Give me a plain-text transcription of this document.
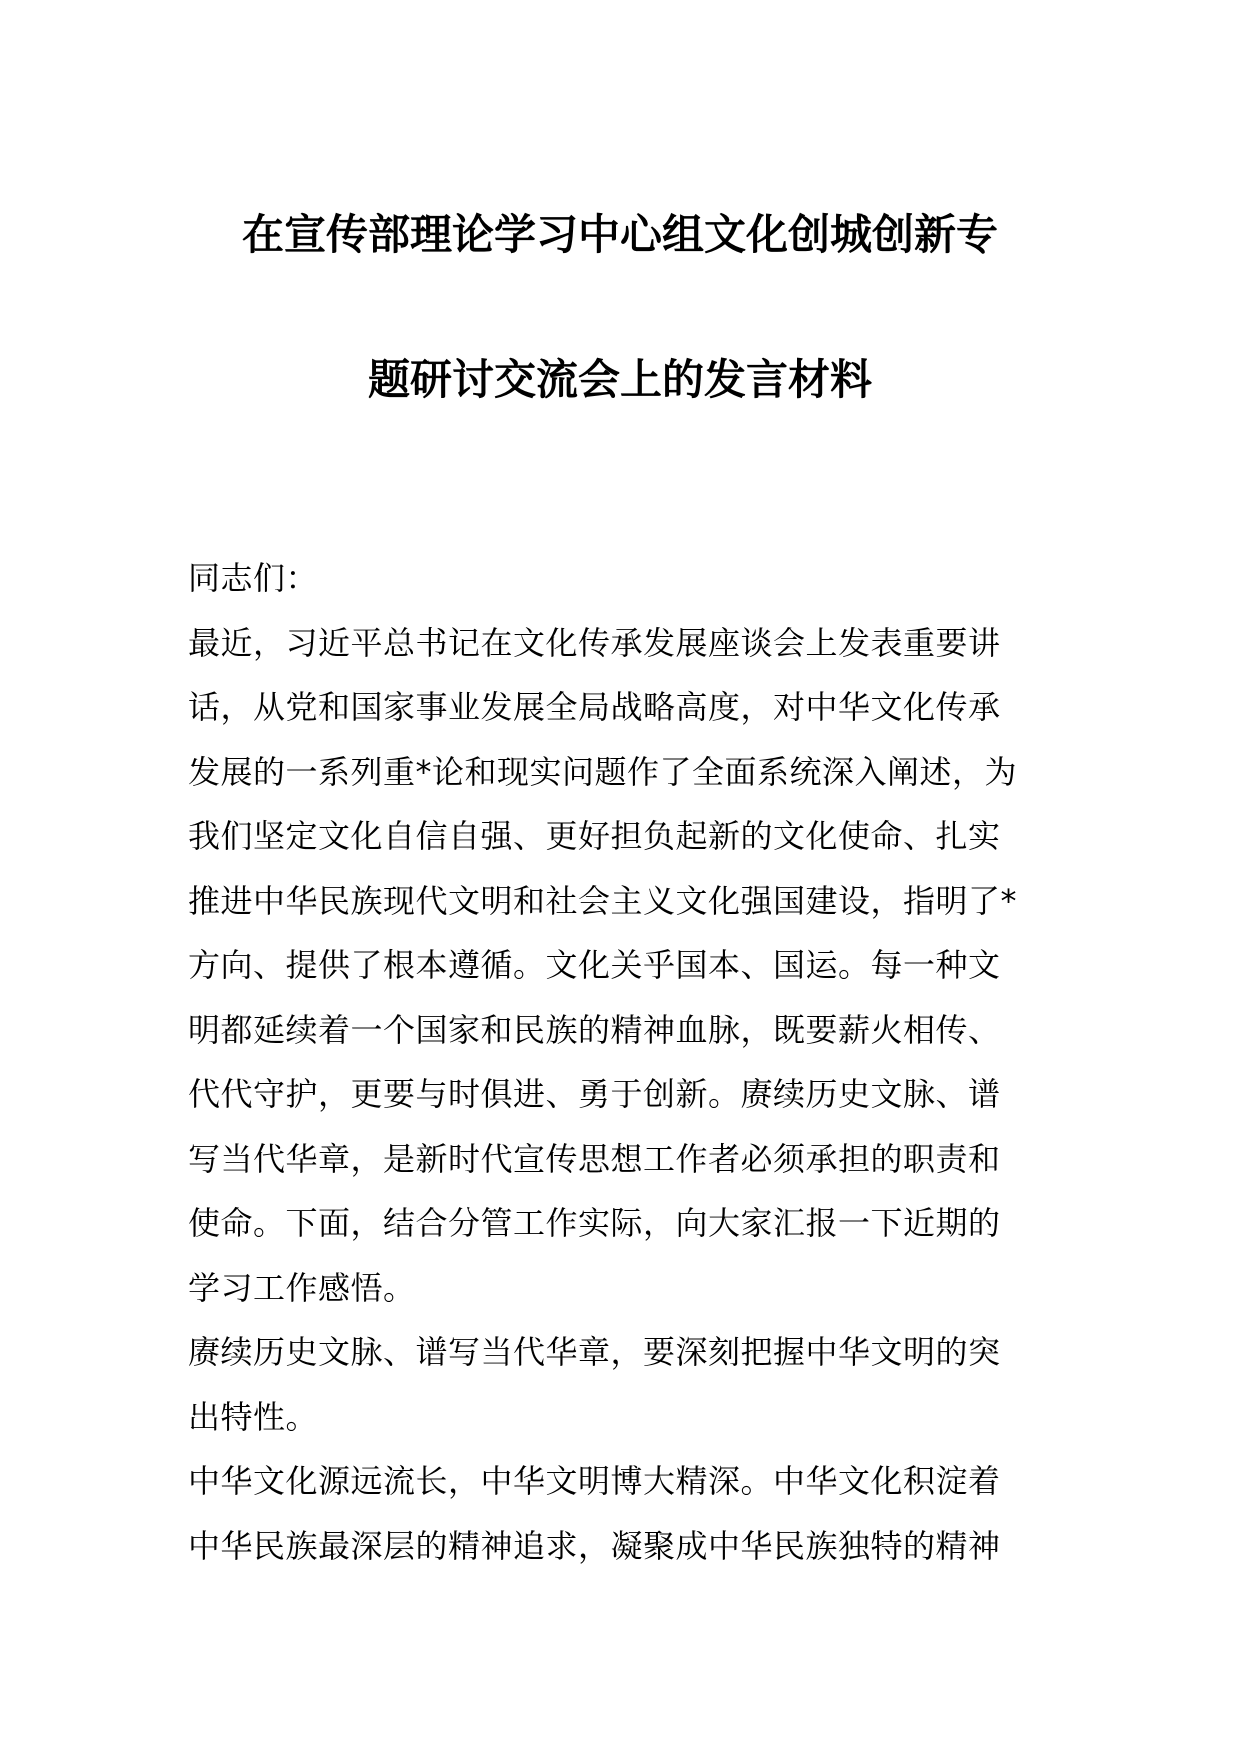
在宣传部理论学习中心组文化创城创新专
题研讨交流会上的发言材料
同志们：
最近，习近平总书记在文化传承发展座谈会上发表重要讲
话，从党和国家事业发展全局战略高度，对中华文化传承
发展的一系列重*论和现实问题作了全面系统深入阐述，为
我们坚定文化自信自强、更好担负起新的文化使命、扎实
推进中华民族现代文明和社会主义文化强国建设，指明了*
方向、提供了根本遵循。文化关乎国本、国运。每一种文
明都延续着一个国家和民族的精神血脉，既要薪火相传、
代代守护，更要与时俱进、勇于创新。赓续历史文脉、谱
写当代华章，是新时代宣传思想工作者必须承担的职责和
使命。下面，结合分管工作实际，向大家汇报一下近期的
学习工作感悟。
赓续历史文脉、谱写当代华章，要深刻把握中华文明的突
出特性。
中华文化源远流长，中华文明博大精深。中华文化积淀着
中华民族最深层的精神追求，凝聚成中华民族独特的精神
